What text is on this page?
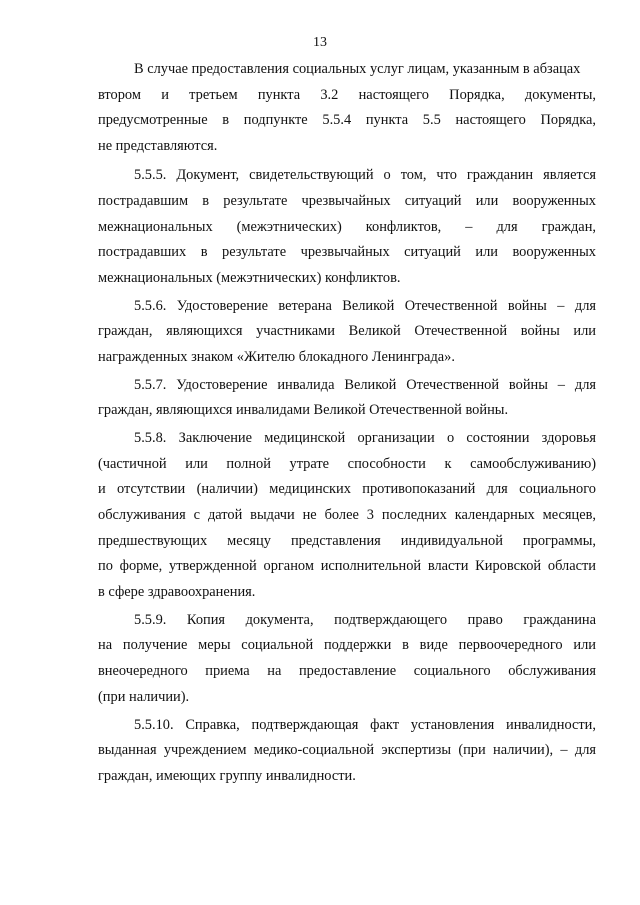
13
В случае предоставления социальных услуг лицам, указанным в абзацах
втором и третьем пункта 3.2 настоящего Порядка, документы,
предусмотренные в подпункте 5.5.4 пункта 5.5 настоящего Порядка,
не представляются.
5.5.5. Документ, свидетельствующий о том, что гражданин является
пострадавшим в результате чрезвычайных ситуаций или вооруженных
межнациональных (межэтнических) конфликтов, – для граждан,
пострадавших в результате чрезвычайных ситуаций или вооруженных
межнациональных (межэтнических) конфликтов.
5.5.6. Удостоверение ветерана Великой Отечественной войны – для
граждан, являющихся участниками Великой Отечественной войны или
награжденных знаком «Жителю блокадного Ленинграда».
5.5.7. Удостоверение инвалида Великой Отечественной войны – для
граждан, являющихся инвалидами Великой Отечественной войны.
5.5.8. Заключение медицинской организации о состоянии здоровья
(частичной или полной утрате способности к самообслуживанию)
и отсутствии (наличии) медицинских противопоказаний для социального
обслуживания с датой выдачи не более 3 последних календарных месяцев,
предшествующих месяцу представления индивидуальной программы,
по форме, утвержденной органом исполнительной власти Кировской области
в сфере здравоохранения.
5.5.9. Копия документа, подтверждающего право гражданина
на получение меры социальной поддержки в виде первоочередного или
внеочередного приема на предоставление социального обслуживания
(при наличии).
5.5.10. Справка, подтверждающая факт установления инвалидности,
выданная учреждением медико-социальной экспертизы (при наличии), – для
граждан, имеющих группу инвалидности.
